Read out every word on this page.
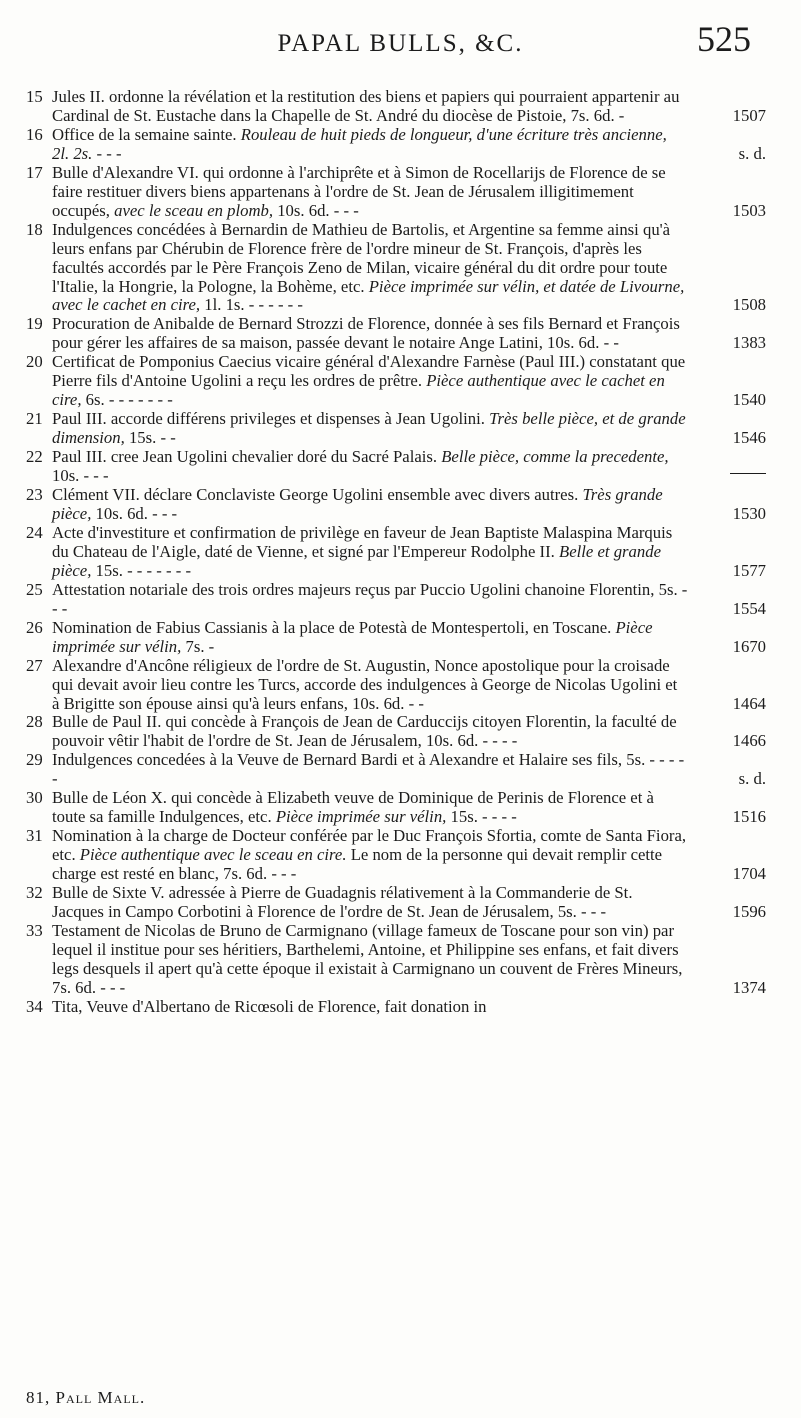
PAPAL BULLS, &C.	525
15 Jules II. ordonne la révélation et la restitution des biens et papiers qui pourraient appartenir au Cardinal de St. Eustache dans la Chapelle de St. André du diocèse de Pistoie, 7s. 6d. -	1507
16 Office de la semaine sainte. Rouleau de huit pieds de longueur, d'une écriture très ancienne, 2l. 2s. - - -	s. d.
17 Bulle d'Alexandre VI. qui ordonne à l'archiprête et à Simon de Rocellarijs de Florence de se faire restituer divers biens appartenans à l'ordre de St. Jean de Jérusalem illigitimement occupés, avec le sceau en plomb, 10s. 6d. - - -	1503
18 Indulgences concédées à Bernardin de Mathieu de Bartolis, et Argentine sa femme ainsi qu'à leurs enfans par Chérubin de Florence frère de l'ordre mineur de St. François, d'après les facultés accordés par le Père François Zeno de Milan, vicaire général du dit ordre pour toute l'Italie, la Hongrie, la Pologne, la Bohème, etc. Pièce imprimée sur vélin, et datée de Livourne, avec le cachet en cire, 1l. 1s. - - - - - -	1508
19 Procuration de Anibalde de Bernard Strozzi de Florence, donnée à ses fils Bernard et François pour gérer les affaires de sa maison, passée devant le notaire Ange Latini, 10s. 6d. - -	1383
20 Certificat de Pomponius Caecius vicaire général d'Alexandre Farnèse (Paul III.) constatant que Pierre fils d'Antoine Ugolini a reçu les ordres de prêtre. Pièce authentique avec le cachet en cire, 6s. - - - - - - -	1540
21 Paul III. accorde différens privileges et dispenses à Jean Ugolini. Très belle pièce, et de grande dimension, 15s. - -	1546
22 Paul III. cree Jean Ugolini chevalier doré du Sacré Palais. Belle pièce, comme la precedente, 10s. - - -
23 Clément VII. déclare Conclaviste George Ugolini ensemble avec divers autres. Très grande pièce, 10s. 6d. - - -	1530
24 Acte d'investiture et confirmation de privilège en faveur de Jean Baptiste Malaspina Marquis du Chateau de l'Aigle, daté de Vienne, et signé par l'Empereur Rodolphe II. Belle et grande pièce, 15s. - - - - - - -	1577
25 Attestation notariale des trois ordres majeurs reçus par Puccio Ugolini chanoine Florentin, 5s. - - -	1554
26 Nomination de Fabius Cassianis à la place de Potestà de Montespertoli, en Toscane. Pièce imprimée sur vélin, 7s. -	1670
27 Alexandre d'Ancône réligieux de l'ordre de St. Augustin, Nonce apostolique pour la croisade qui devait avoir lieu contre les Turcs, accorde des indulgences à George de Nicolas Ugolini et à Brigitte son épouse ainsi qu'à leurs enfans, 10s. 6d. - -	1464
28 Bulle de Paul II. qui concède à François de Jean de Carduccijs citoyen Florentin, la faculté de pouvoir vêtir l'habit de l'ordre de St. Jean de Jérusalem, 10s. 6d. - - - -	1466
29 Indulgences concedées à la Veuve de Bernard Bardi et à Alexandre et Halaire ses fils, 5s. - - - - -	s. d.
30 Bulle de Léon X. qui concède à Elizabeth veuve de Dominique de Perinis de Florence et à toute sa famille Indulgences, etc. Pièce imprimée sur vélin, 15s. - - - -	1516
31 Nomination à la charge de Docteur conférée par le Duc François Sfortia, comte de Santa Fiora, etc. Pièce authentique avec le sceau en cire. Le nom de la personne qui devait remplir cette charge est resté en blanc, 7s. 6d. - - -	1704
32 Bulle de Sixte V. adressée à Pierre de Guadagnis rélativement à la Commanderie de St. Jacques in Campo Corbotini à Florence de l'ordre de St. Jean de Jérusalem, 5s. - - -	1596
33 Testament de Nicolas de Bruno de Carmignano (village fameux de Toscane pour son vin) par lequel il institue pour ses héritiers, Barthelemi, Antoine, et Philippine ses enfans, et fait divers legs desquels il apert qu'à cette époque il existait à Carmignano un couvent de Frères Mineurs, 7s. 6d. - - -	1374
34 Tita, Veuve d'Albertano de Ricœsoli de Florence, fait donation in
81, Pall Mall.
